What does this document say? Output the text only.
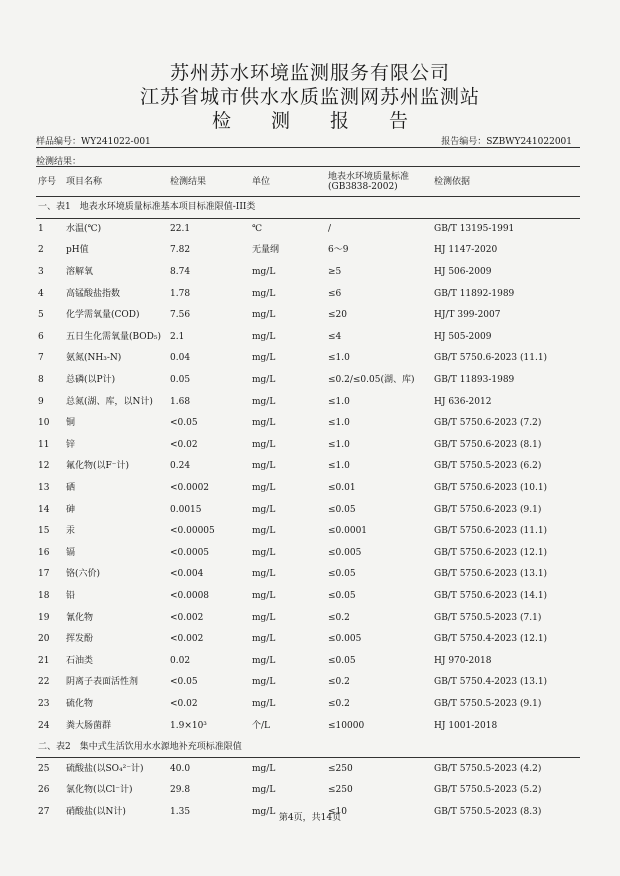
苏州苏水环境监测服务有限公司
江苏省城市供水水质监测网苏州监测站
检 测 报 告
样品编号：WY241022-001	报告编号：SZBWY241022001
检测结果：
序号	项目名称	检测结果	单位	地表水环境质量标准(GB3838-2002)	检测依据
一、表1　地表水环境质量标准基本项目标准限值-III类					
1	水温(℃)	22.1	℃	/	GB/T 13195-1991
2	pH值	7.82	无量纲	6～9	HJ 1147-2020
3	溶解氧	8.74	mg/L	≥5	HJ 506-2009
4	高锰酸盐指数	1.78	mg/L	≤6	GB/T 11892-1989
5	化学需氧量(COD)	7.56	mg/L	≤20	HJ/T 399-2007
6	五日生化需氧量(BOD₅)	2.1	mg/L	≤4	HJ 505-2009
7	氨氮(NH₃-N)	0.04	mg/L	≤1.0	GB/T 5750.6-2023 (11.1)
8	总磷(以P计)	0.05	mg/L	≤0.2/≤0.05(湖、库)	GB/T 11893-1989
9	总氮(湖、库，以N计)	1.68	mg/L	≤1.0	HJ 636-2012
10	铜	<0.05	mg/L	≤1.0	GB/T 5750.6-2023 (7.2)
11	锌	<0.02	mg/L	≤1.0	GB/T 5750.6-2023 (8.1)
12	氟化物(以F⁻计)	0.24	mg/L	≤1.0	GB/T 5750.5-2023 (6.2)
13	硒	<0.0002	mg/L	≤0.01	GB/T 5750.6-2023 (10.1)
14	砷	0.0015	mg/L	≤0.05	GB/T 5750.6-2023 (9.1)
15	汞	<0.00005	mg/L	≤0.0001	GB/T 5750.6-2023 (11.1)
16	镉	<0.0005	mg/L	≤0.005	GB/T 5750.6-2023 (12.1)
17	铬(六价)	<0.004	mg/L	≤0.05	GB/T 5750.6-2023 (13.1)
18	铅	<0.0008	mg/L	≤0.05	GB/T 5750.6-2023 (14.1)
19	氰化物	<0.002	mg/L	≤0.2	GB/T 5750.5-2023 (7.1)
20	挥发酚	<0.002	mg/L	≤0.005	GB/T 5750.4-2023 (12.1)
21	石油类	0.02	mg/L	≤0.05	HJ 970-2018
22	阴离子表面活性剂	<0.05	mg/L	≤0.2	GB/T 5750.4-2023 (13.1)
23	硫化物	<0.02	mg/L	≤0.2	GB/T 5750.5-2023 (9.1)
24	粪大肠菌群	1.9×10³	个/L	≤10000	HJ 1001-2018
二、表2　集中式生活饮用水水源地补充项标准限值					
25	硫酸盐(以SO₄²⁻计)	40.0	mg/L	≤250	GB/T 5750.5-2023 (4.2)
26	氯化物(以Cl⁻计)	29.8	mg/L	≤250	GB/T 5750.5-2023 (5.2)
27	硝酸盐(以N计)	1.35	mg/L	≤10	GB/T 5750.5-2023 (8.3)
第4页，共14页
